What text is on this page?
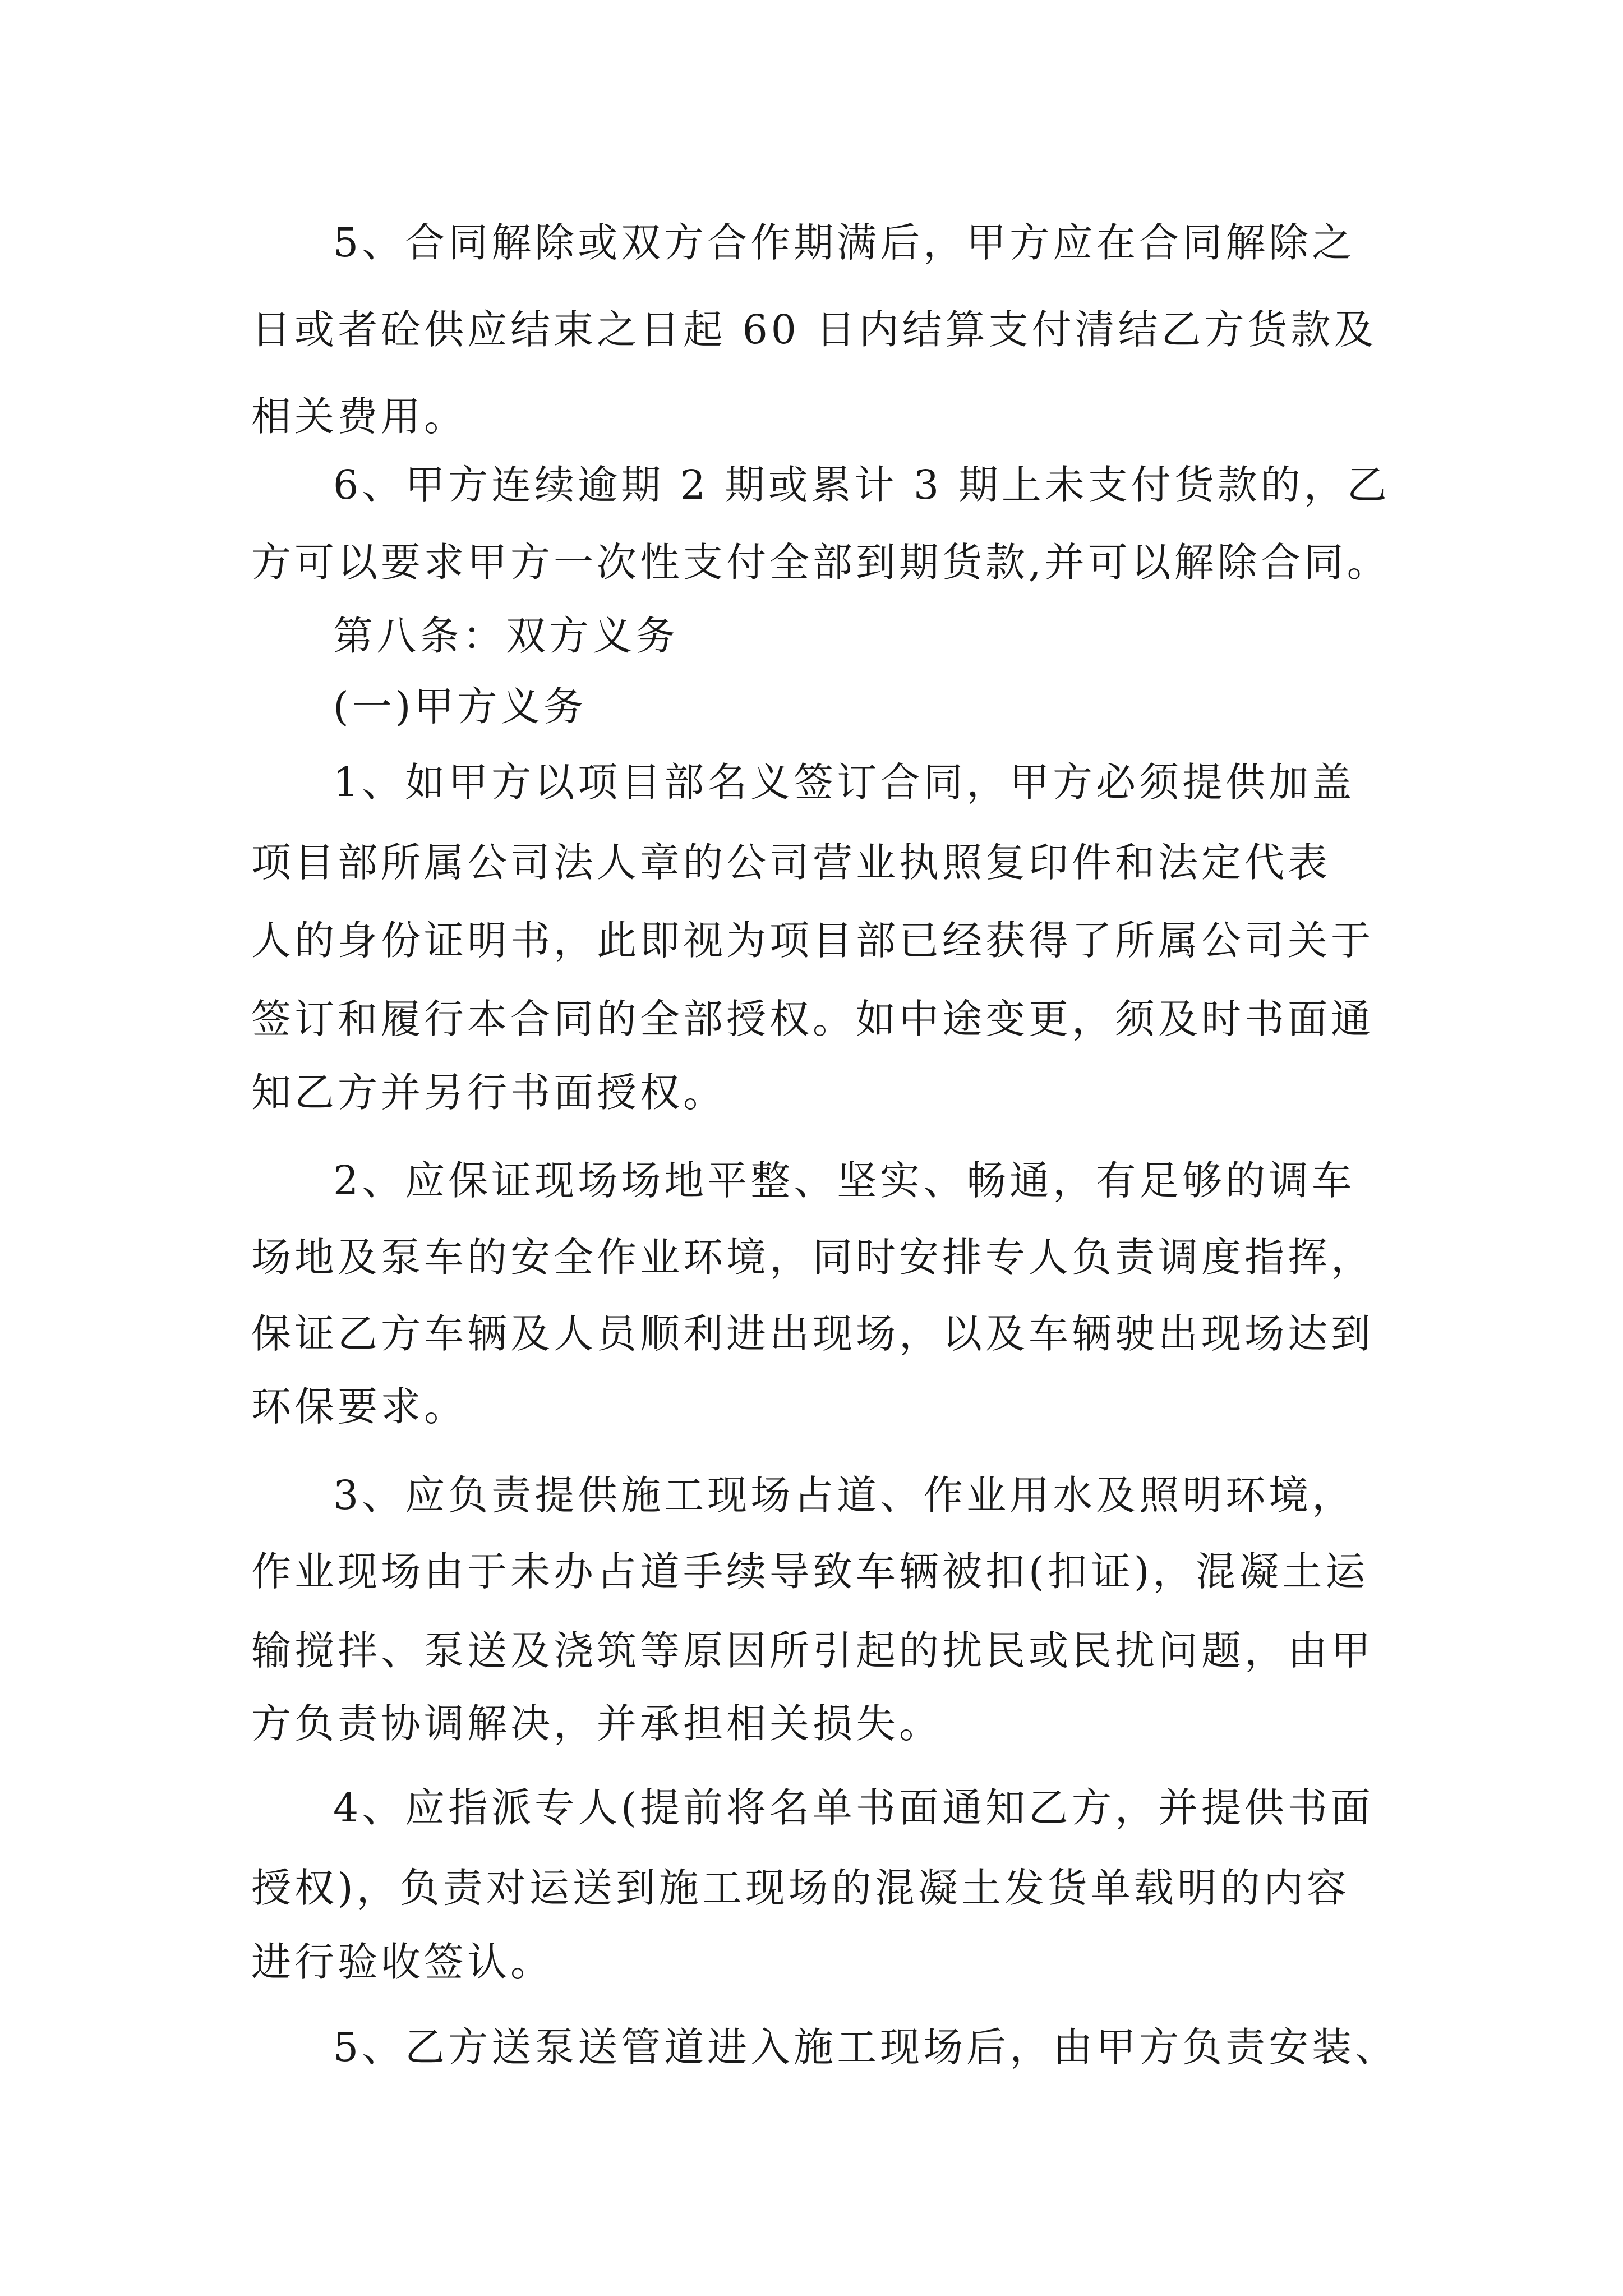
5、合同解除或双方合作期满后，甲方应在合同解除之
日或者砼供应结束之日起 60 日内结算支付清结乙方货款及
相关费用。
6、甲方连续逾期 2 期或累计 3 期上未支付货款的，乙
方可以要求甲方一次性支付全部到期货款,并可以解除合同。
第八条：双方义务
(一)甲方义务
1、如甲方以项目部名义签订合同，甲方必须提供加盖
项目部所属公司法人章的公司营业执照复印件和法定代表
人的身份证明书，此即视为项目部已经获得了所属公司关于
签订和履行本合同的全部授权。如中途变更，须及时书面通
知乙方并另行书面授权。
2、应保证现场场地平整、坚实、畅通，有足够的调车
场地及泵车的安全作业环境，同时安排专人负责调度指挥，
保证乙方车辆及人员顺利进出现场，以及车辆驶出现场达到
环保要求。
3、应负责提供施工现场占道、作业用水及照明环境，
作业现场由于未办占道手续导致车辆被扣(扣证)，混凝土运
输搅拌、泵送及浇筑等原因所引起的扰民或民扰问题，由甲
方负责协调解决，并承担相关损失。
4、应指派专人(提前将名单书面通知乙方，并提供书面
授权)，负责对运送到施工现场的混凝土发货单载明的内容
进行验收签认。
5、乙方送泵送管道进入施工现场后，由甲方负责安装、
